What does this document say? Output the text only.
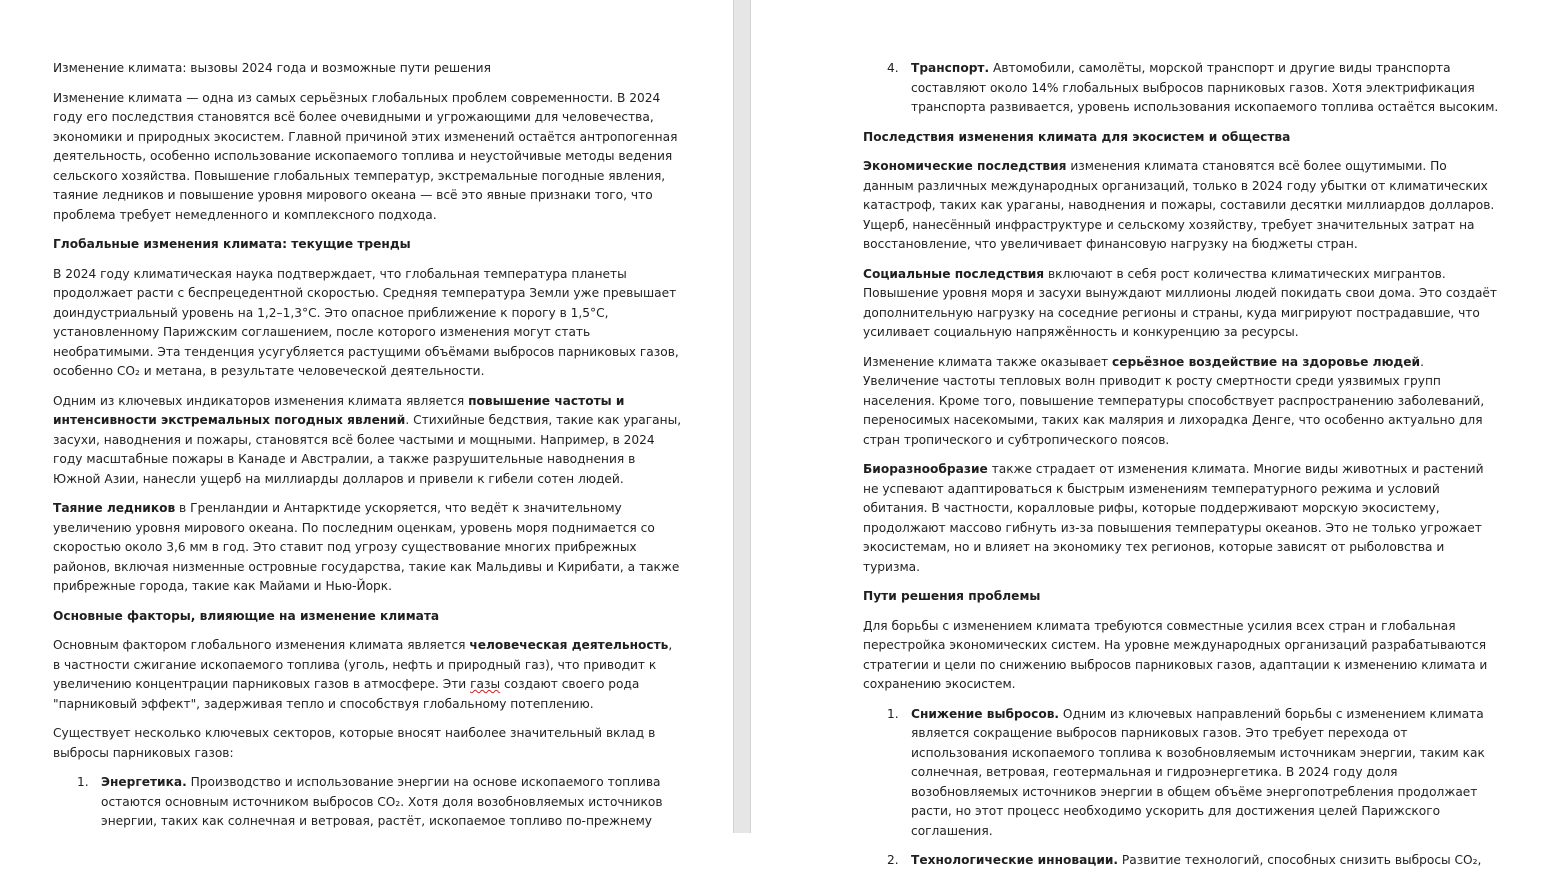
Изменение климата: вызовы 2024 года и возможные пути решения

Изменение климата — одна из самых серьёзных глобальных проблем современности. В 2024 году его последствия становятся всё более очевидными и угрожающими для человечества, экономики и природных экосистем. Главной причиной этих изменений остаётся антропогенная деятельность, особенно использование ископаемого топлива и неустойчивые методы ведения сельского хозяйства. Повышение глобальных температур, экстремальные погодные явления, таяние ледников и повышение уровня мирового океана — всё это явные признаки того, что проблема требует немедленного и комплексного подхода.

Глобальные изменения климата: текущие тренды

В 2024 году климатическая наука подтверждает, что глобальная температура планеты продолжает расти с беспрецедентной скоростью. Средняя температура Земли уже превышает доиндустриальный уровень на 1,2–1,3°C. Это опасное приближение к порогу в 1,5°C, установленному Парижским соглашением, после которого изменения могут стать необратимыми. Эта тенденция усугубляется растущими объёмами выбросов парниковых газов, особенно CO₂ и метана, в результате человеческой деятельности.

Одним из ключевых индикаторов изменения климата является повышение частоты и интенсивности экстремальных погодных явлений. Стихийные бедствия, такие как ураганы, засухи, наводнения и пожары, становятся всё более частыми и мощными. Например, в 2024 году масштабные пожары в Канаде и Австралии, а также разрушительные наводнения в Южной Азии, нанесли ущерб на миллиарды долларов и привели к гибели сотен людей.

Таяние ледников в Гренландии и Антарктиде ускоряется, что ведёт к значительному увеличению уровня мирового океана. По последним оценкам, уровень моря поднимается со скоростью около 3,6 мм в год. Это ставит под угрозу существование многих прибрежных районов, включая низменные островные государства, такие как Мальдивы и Кирибати, а также прибрежные города, такие как Майами и Нью-Йорк.

Основные факторы, влияющие на изменение климата

Основным фактором глобального изменения климата является человеческая деятельность, в частности сжигание ископаемого топлива (уголь, нефть и природный газ), что приводит к увеличению концентрации парниковых газов в атмосфере. Эти газы создают своего рода "парниковый эффект", задерживая тепло и способствуя глобальному потеплению.

Существует несколько ключевых секторов, которые вносят наиболее значительный вклад в выбросы парниковых газов:

1. Энергетика. Производство и использование энергии на основе ископаемого топлива остаются основным источником выбросов CO₂. Хотя доля возобновляемых источников энергии, таких как солнечная и ветровая, растёт, ископаемое топливо по-прежнему
4. Транспорт. Автомобили, самолёты, морской транспорт и другие виды транспорта составляют около 14% глобальных выбросов парниковых газов. Хотя электрификация транспорта развивается, уровень использования ископаемого топлива остаётся высоким.

Последствия изменения климата для экосистем и общества

Экономические последствия изменения климата становятся всё более ощутимыми. По данным различных международных организаций, только в 2024 году убытки от климатических катастроф, таких как ураганы, наводнения и пожары, составили десятки миллиардов долларов. Ущерб, нанесённый инфраструктуре и сельскому хозяйству, требует значительных затрат на восстановление, что увеличивает финансовую нагрузку на бюджеты стран.

Социальные последствия включают в себя рост количества климатических мигрантов. Повышение уровня моря и засухи вынуждают миллионы людей покидать свои дома. Это создаёт дополнительную нагрузку на соседние регионы и страны, куда мигрируют пострадавшие, что усиливает социальную напряжённость и конкуренцию за ресурсы.

Изменение климата также оказывает серьёзное воздействие на здоровье людей. Увеличение частоты тепловых волн приводит к росту смертности среди уязвимых групп населения. Кроме того, повышение температуры способствует распространению заболеваний, переносимых насекомыми, таких как малярия и лихорадка Денге, что особенно актуально для стран тропического и субтропического поясов.

Биоразнообразие также страдает от изменения климата. Многие виды животных и растений не успевают адаптироваться к быстрым изменениям температурного режима и условий обитания. В частности, коралловые рифы, которые поддерживают морскую экосистему, продолжают массово гибнуть из-за повышения температуры океанов. Это не только угрожает экосистемам, но и влияет на экономику тех регионов, которые зависят от рыболовства и туризма.

Пути решения проблемы

Для борьбы с изменением климата требуются совместные усилия всех стран и глобальная перестройка экономических систем. На уровне международных организаций разрабатываются стратегии и цели по снижению выбросов парниковых газов, адаптации к изменению климата и сохранению экосистем.

1. Снижение выбросов. Одним из ключевых направлений борьбы с изменением климата является сокращение выбросов парниковых газов. Это требует перехода от использования ископаемого топлива к возобновляемым источникам энергии, таким как солнечная, ветровая, геотермальная и гидроэнергетика. В 2024 году доля возобновляемых источников энергии в общем объёме энергопотребления продолжает расти, но этот процесс необходимо ускорить для достижения целей Парижского соглашения.
2. Технологические инновации. Развитие технологий, способных снизить выбросы CO₂,
